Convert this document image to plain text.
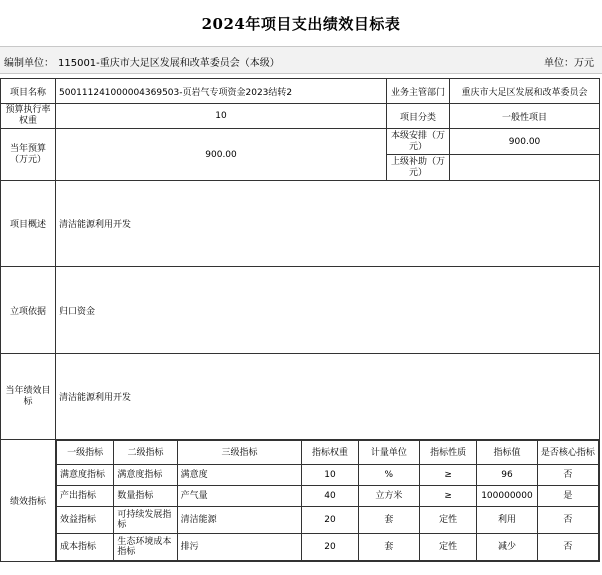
2024年项目支出绩效目标表
编制单位： 115001-重庆市大足区发展和改革委员会（本级）	单位：万元
项目名称	500111241000004369503-页岩气专项资金2023结转2	业务主管部门	重庆市大足区发展和改革委员会

预算执行率权重	10	项目分类	一般性项目

当年预算（万元）	900.00	
本级安排（万元）	900.00

上级补助（万元）

项目概述	清洁能源利用开发
立项依据	归口资金
当年绩效目标	清洁能源利用开发
绩效指标	
一级指标	二级指标	三级指标	指标权重	计量单位	指标性质	指标值	是否核心指标
满意度指标	满意度指标	满意度	10	%	≥	96	否
产出指标	数量指标	产气量	40	立方米	≥	100000000	是
效益指标	可持续发展指标	清洁能源	20	套	定性	利用	否
成本指标	生态环境成本指标	排污	20	套	定性	减少	否
